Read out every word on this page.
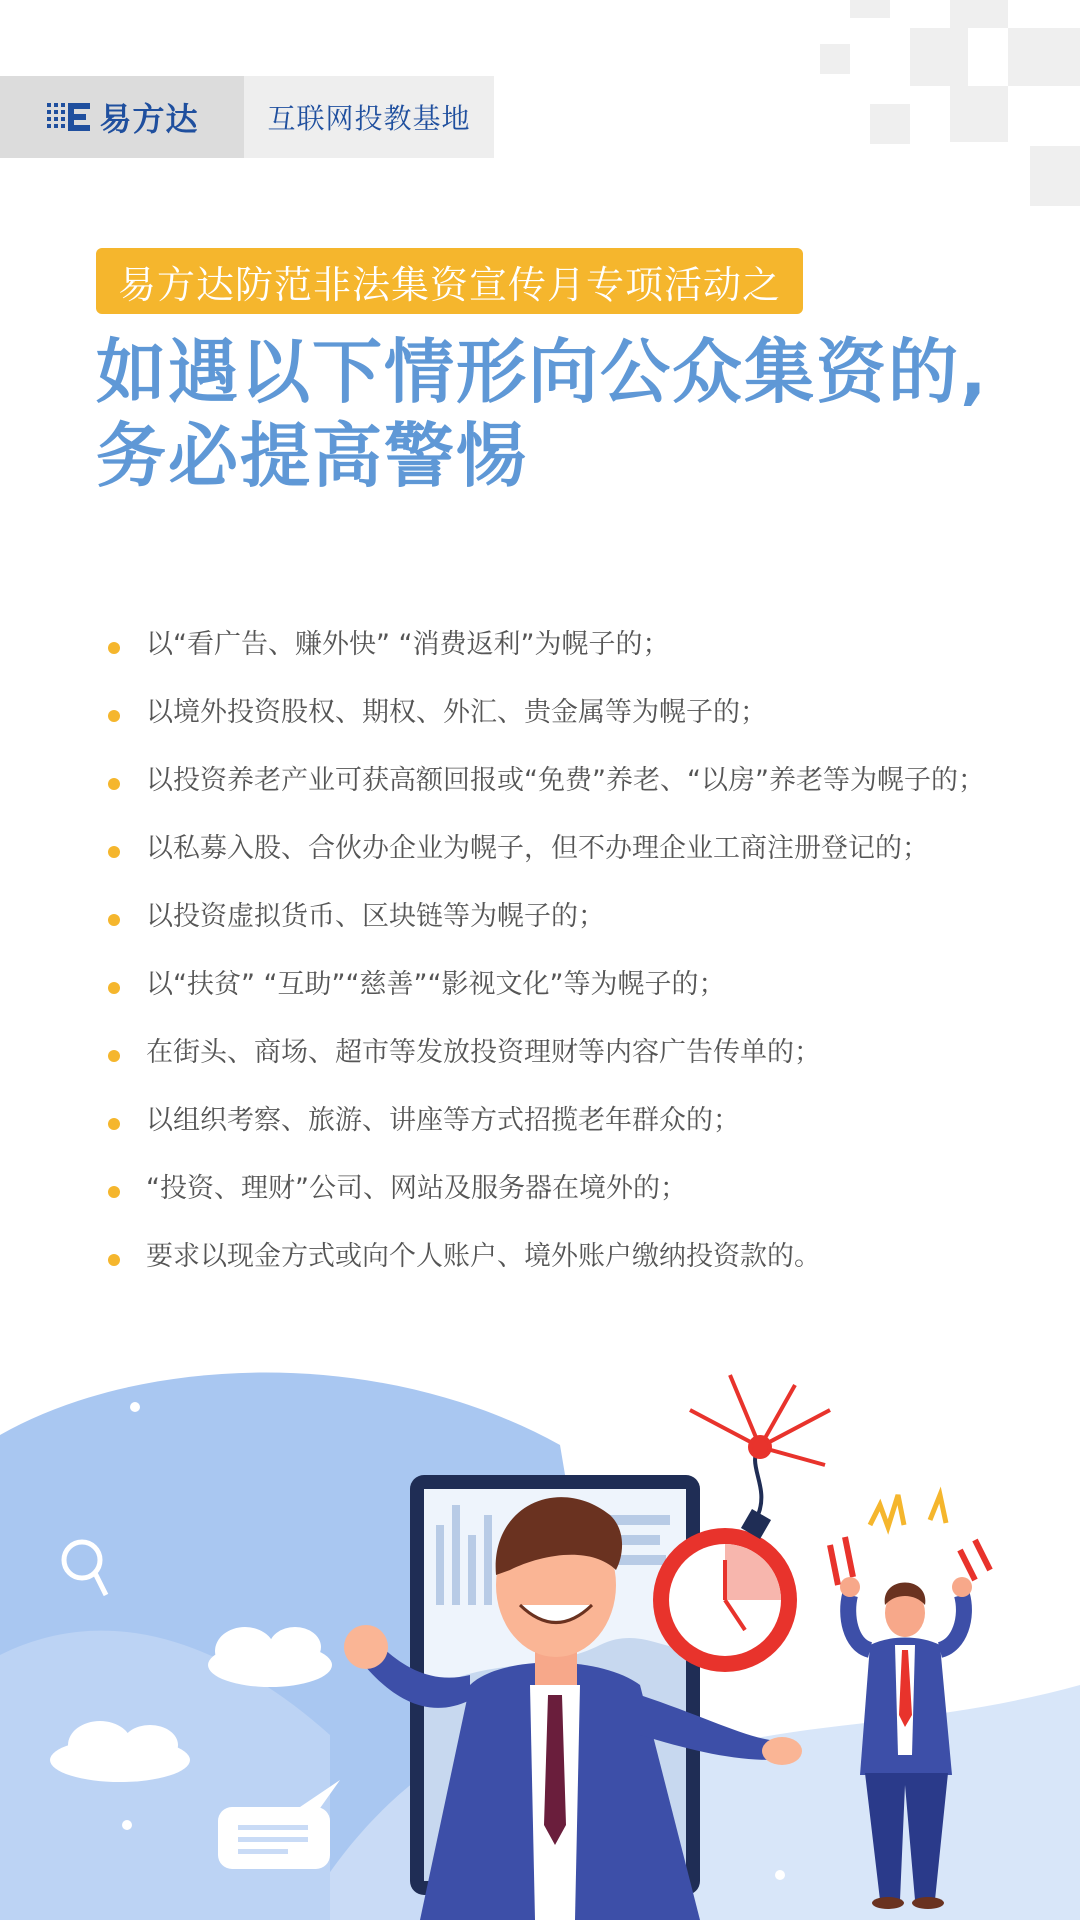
易方达 互联网投教基地
易方达防范非法集资宣传月专项活动之
如遇以下情形向公众集资的,
务必提高警惕
以“看广告、赚外快” “消费返利”为幌子的；
以境外投资股权、期权、外汇、贵金属等为幌子的；
以投资养老产业可获高额回报或“免费”养老、“以房”养老等为幌子的；
以私募入股、合伙办企业为幌子，但不办理企业工商注册登记的；
以投资虚拟货币、区块链等为幌子的；
以“扶贫” “互助”“慈善”“影视文化”等为幌子的；
在街头、商场、超市等发放投资理财等内容广告传单的；
以组织考察、旅游、讲座等方式招揽老年群众的；
“投资、理财”公司、网站及服务器在境外的；
要求以现金方式或向个人账户、境外账户缴纳投资款的。
